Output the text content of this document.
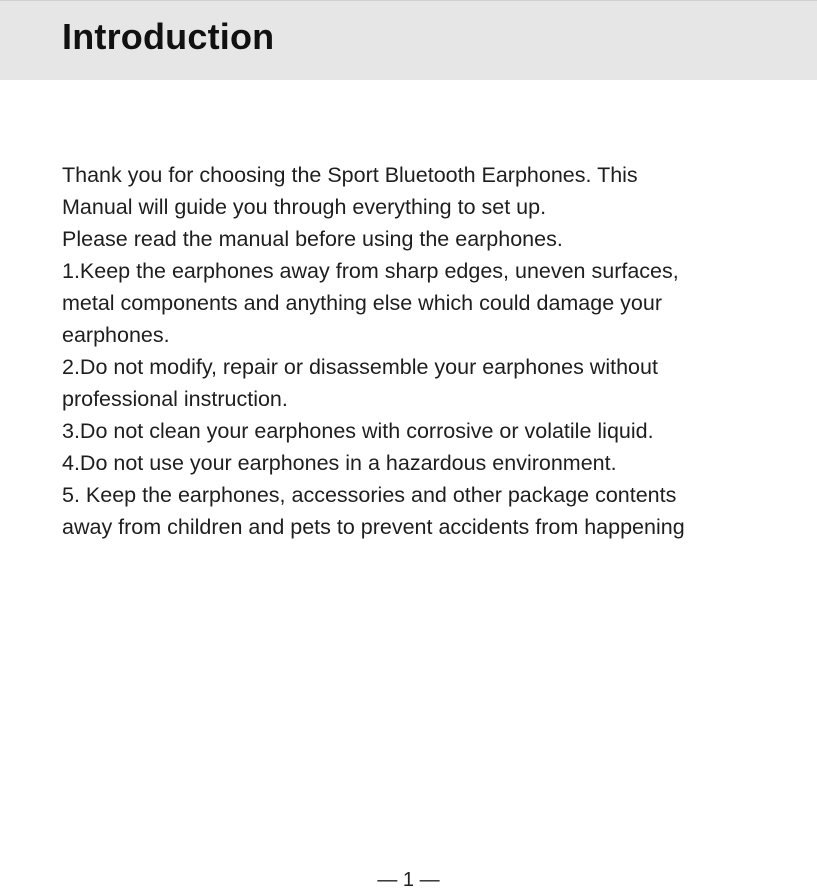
Introduction

Thank you for choosing the Sport Bluetooth Earphones. This

Manual will guide you through everything to set up.

Please read the manual before using the earphones.

1.Keep the earphones away from sharp edges, uneven surfaces,

metal components and anything else which could damage your

earphones.

2.Do not modify, repair or disassemble your earphones without

professional instruction.

3.Do not clean your earphones with corrosive or volatile liquid.

4.Do not use your earphones in a hazardous environment.

5. Keep the earphones, accessories and other package contents

away from children and pets to prevent accidents from happening

— 1 —
